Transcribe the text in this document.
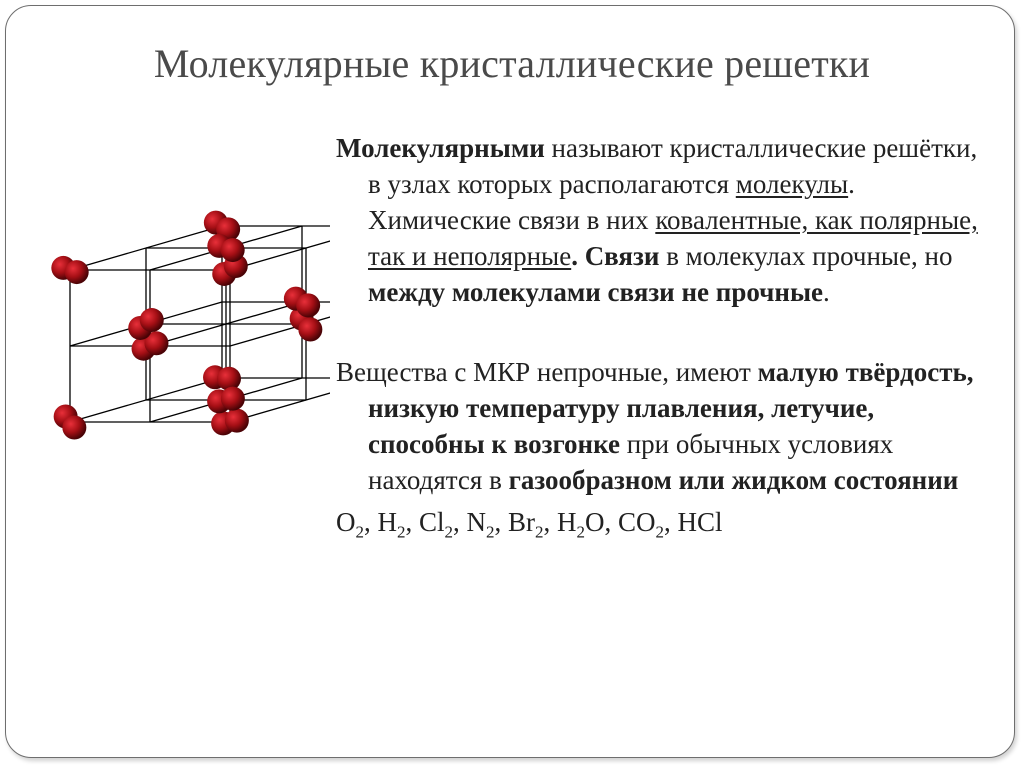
Молекулярные кристаллические решетки

Молекулярными называют кристаллические решётки, в узлах которых располагаются молекулы. Химические связи в них ковалентные, как полярные, так и неполярные. Связи в молекулах прочные, но между молекулами связи не прочные.

Вещества с МКР непрочные, имеют малую твёрдость, низкую температуру плавления, летучие, способны к возгонке при обычных условиях находятся в газообразном или жидком состоянии

$O_2$, $H_2$, $Cl_2$, $N_2$, $Br_2$, $H_2O$, $CO_2$, HCl
